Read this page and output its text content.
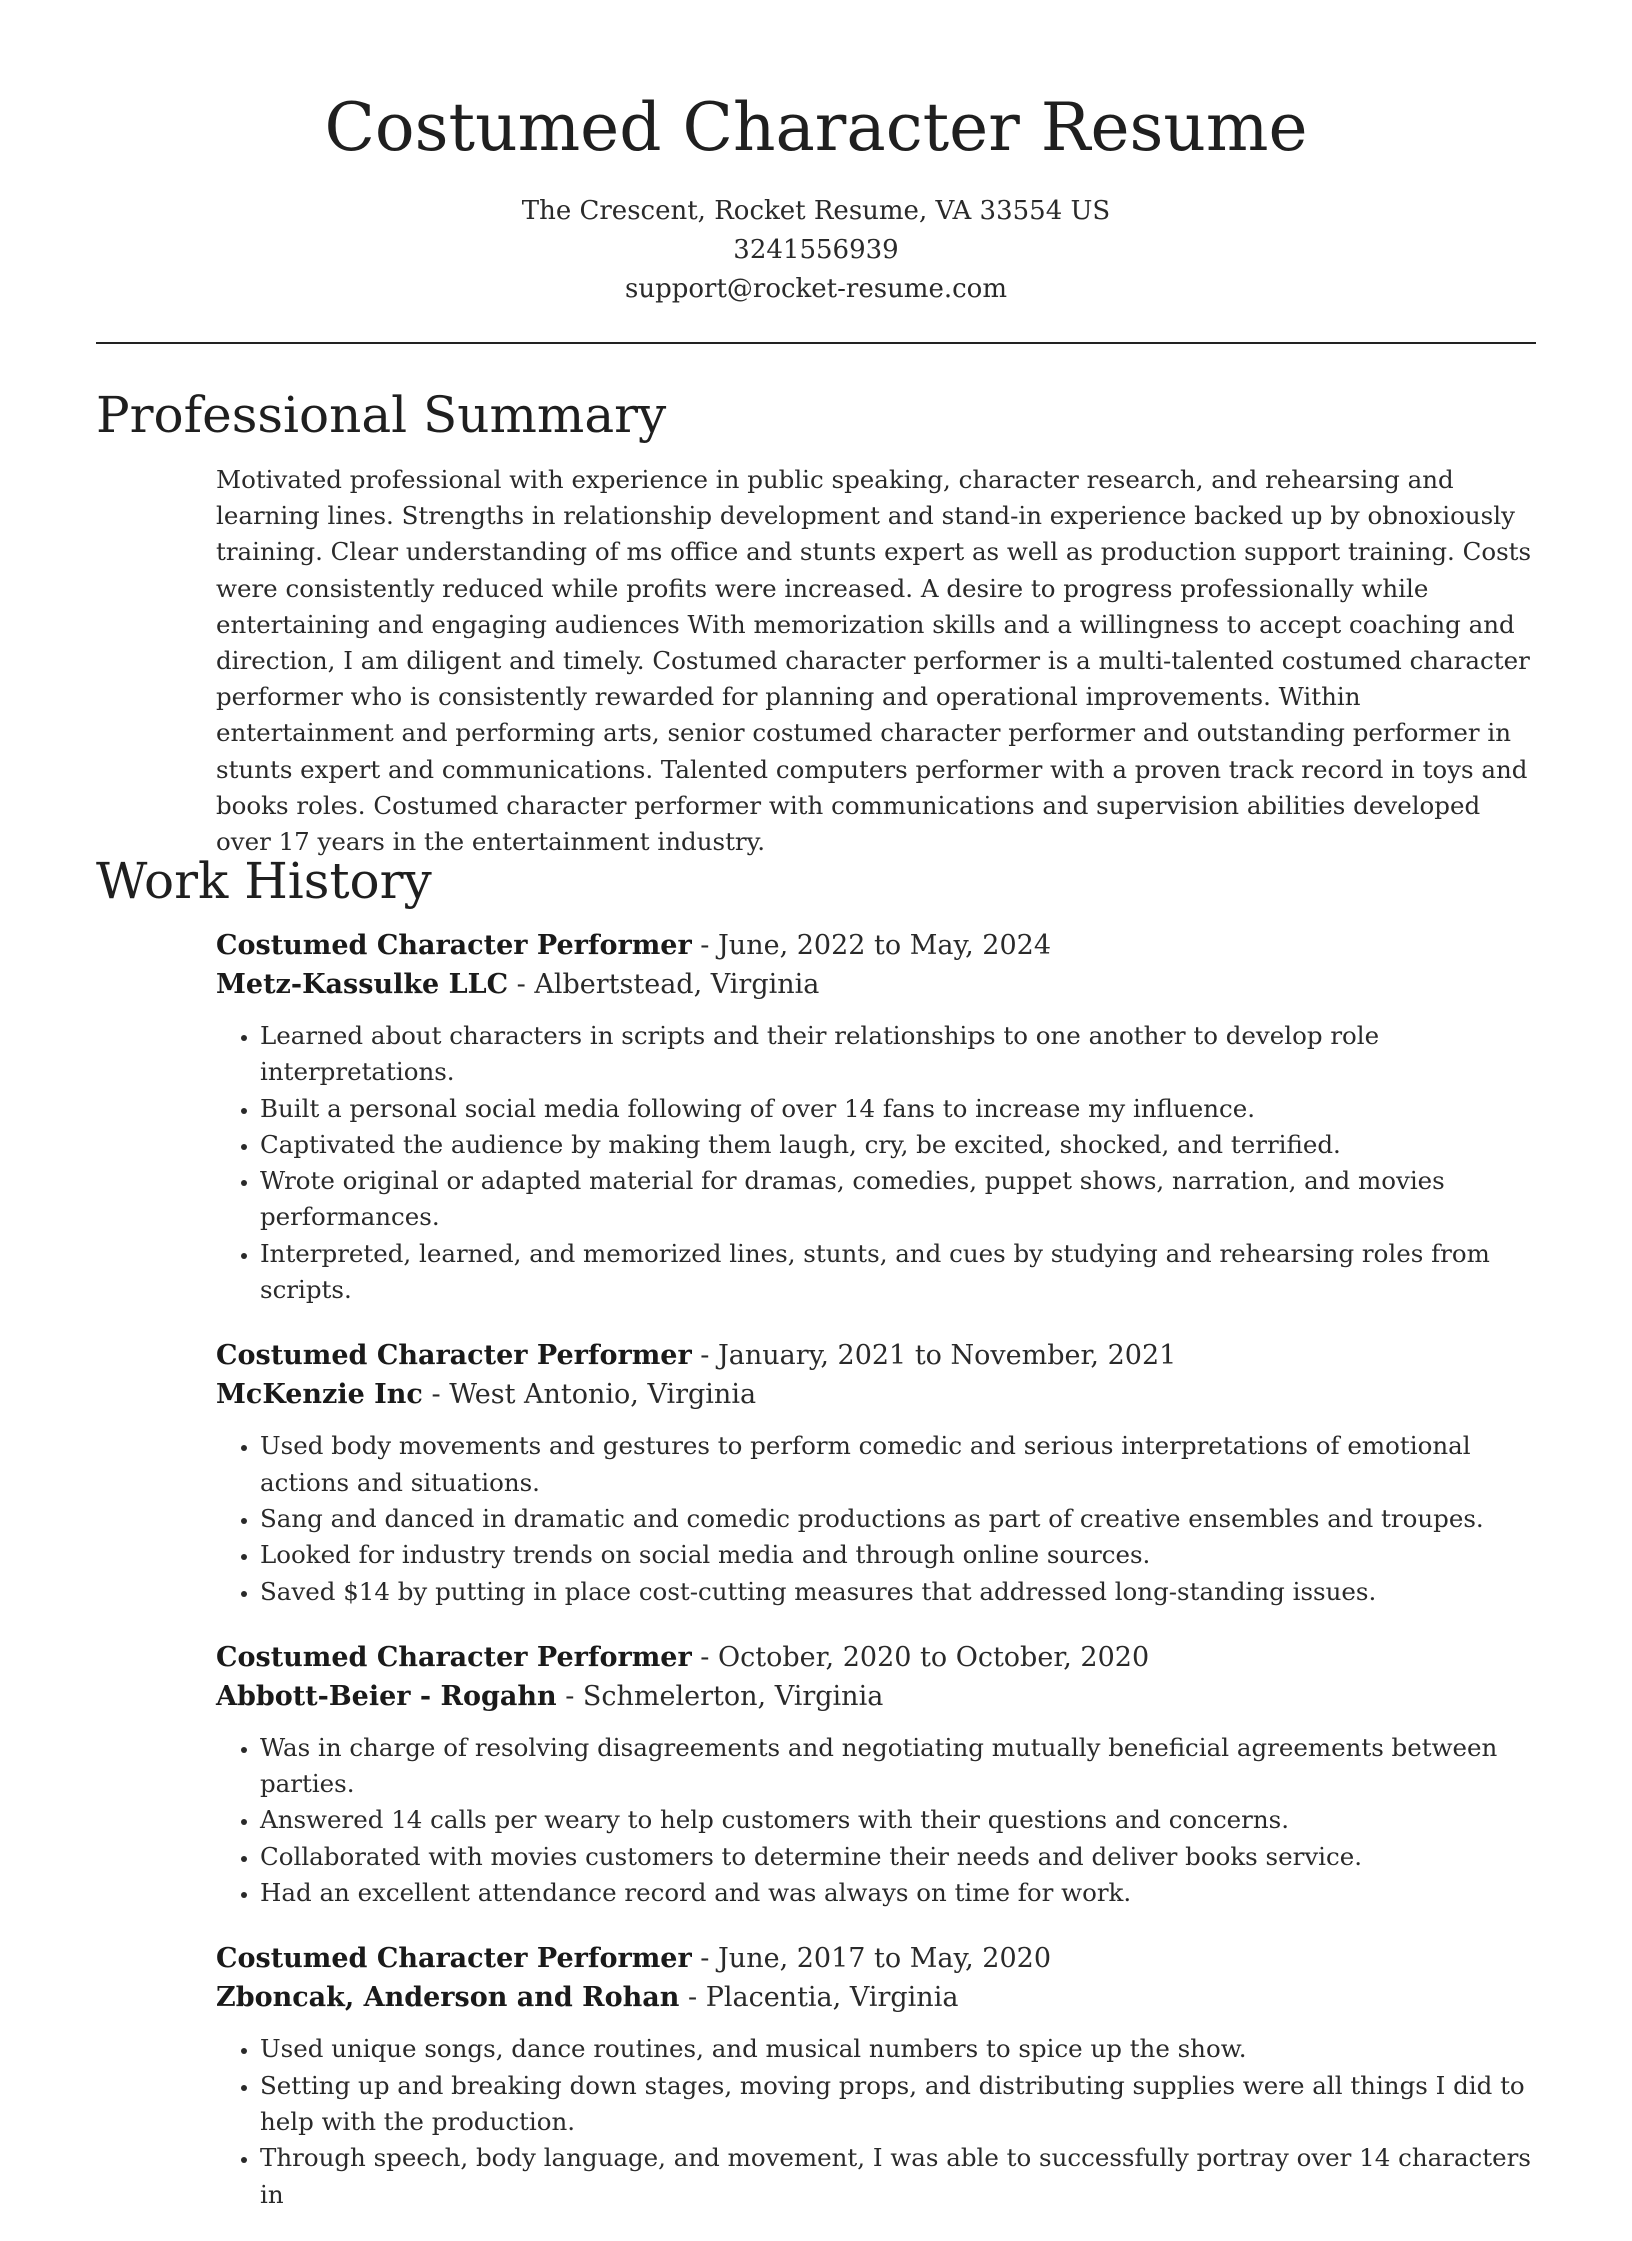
Costumed Character Resume
The Crescent, Rocket Resume, VA 33554 US
3241556939
support@rocket-resume.com
Professional Summary

Motivated professional with experience in public speaking, character research, and rehearsing and learning lines. Strengths in relationship development and stand-in experience backed up by obnoxiously training. Clear understanding of ms office and stunts expert as well as production support training. Costs were consistently reduced while profits were increased. A desire to progress professionally while entertaining and engaging audiences With memorization skills and a willingness to accept coaching and direction, I am diligent and timely. Costumed character performer is a multi-talented costumed character performer who is consistently rewarded for planning and operational improvements. Within entertainment and performing arts, senior costumed character performer and outstanding performer in stunts expert and communications. Talented computers performer with a proven track record in toys and books roles. Costumed character performer with communications and supervision abilities developed over 17 years in the entertainment industry.

Work History
Costumed Character Performer - June, 2022 to May, 2024
Metz-Kassulke LLC - Albertstead, Virginia
• Learned about characters in scripts and their relationships to one another to develop role interpretations.
• Built a personal social media following of over 14 fans to increase my influence.
• Captivated the audience by making them laugh, cry, be excited, shocked, and terrified.
• Wrote original or adapted material for dramas, comedies, puppet shows, narration, and movies performances.
• Interpreted, learned, and memorized lines, stunts, and cues by studying and rehearsing roles from scripts.
Costumed Character Performer - January, 2021 to November, 2021
McKenzie Inc - West Antonio, Virginia
• Used body movements and gestures to perform comedic and serious interpretations of emotional actions and situations.
• Sang and danced in dramatic and comedic productions as part of creative ensembles and troupes.
• Looked for industry trends on social media and through online sources.
• Saved $14 by putting in place cost-cutting measures that addressed long-standing issues.
Costumed Character Performer - October, 2020 to October, 2020
Abbott-Beier - Rogahn - Schmelerton, Virginia
• Was in charge of resolving disagreements and negotiating mutually beneficial agreements between parties.
• Answered 14 calls per weary to help customers with their questions and concerns.
• Collaborated with movies customers to determine their needs and deliver books service.
• Had an excellent attendance record and was always on time for work.
Costumed Character Performer - June, 2017 to May, 2020
Zboncak, Anderson and Rohan - Placentia, Virginia
• Used unique songs, dance routines, and musical numbers to spice up the show.
• Setting up and breaking down stages, moving props, and distributing supplies were all things I did to help with the production.
• Through speech, body language, and movement, I was able to successfully portray over 14 characters in
